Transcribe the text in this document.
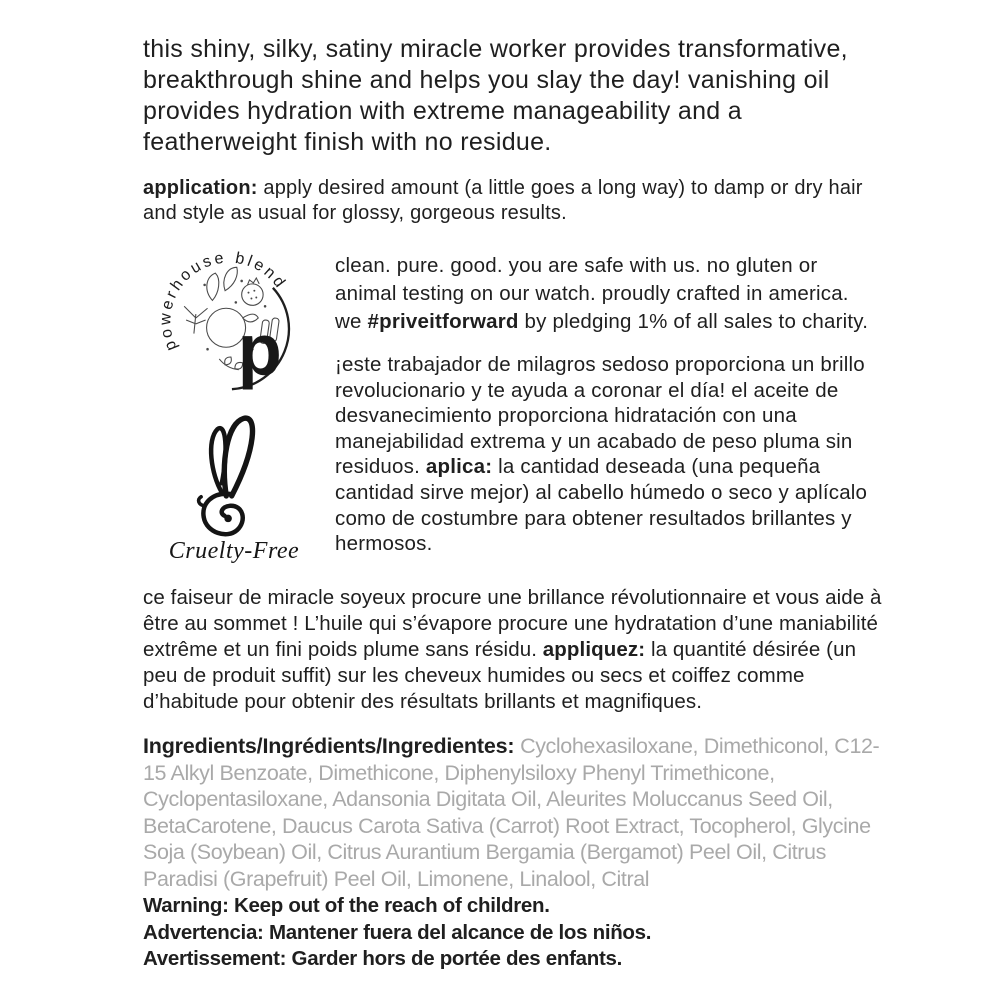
this shiny, silky, satiny miracle worker provides transformative, breakthrough shine and helps you slay the day! vanishing oil provides hydration with extreme manageability and a featherweight finish with no residue.

application: apply desired amount (a little goes a long way) to damp or dry hair and style as usual for glossy, gorgeous results.

powerhouse blend
p
Cruelty-Free

clean. pure. good. you are safe with us. no gluten or animal testing on our watch. proudly crafted in america. we #priveitforward by pledging 1% of all sales to charity.

¡este trabajador de milagros sedoso proporciona un brillo revolucionario y te ayuda a coronar el día! el aceite de desvanecimiento proporciona hidratación con una manejabilidad extrema y un acabado de peso pluma sin residuos. aplica: la cantidad deseada (una pequeña cantidad sirve mejor) al cabello húmedo o seco y aplícalo como de costumbre para obtener resultados brillantes y hermosos.

ce faiseur de miracle soyeux procure une brillance révolutionnaire et vous aide à être au sommet ! L’huile qui s’évapore procure une hydratation d’une maniabilité extrême et un fini poids plume sans résidu. appliquez: la quantité désirée (un peu de produit suffit) sur les cheveux humides ou secs et coiffez comme d’habitude pour obtenir des résultats brillants et magnifiques.

Ingredients/Ingrédients/Ingredientes: Cyclohexasiloxane, Dimethiconol, C12-15 Alkyl Benzoate, Dimethicone, Diphenylsiloxy Phenyl Trimethicone, Cyclopentasiloxane, Adansonia Digitata Oil, Aleurites Moluccanus Seed Oil, BetaCarotene, Daucus Carota Sativa (Carrot) Root Extract, Tocopherol, Glycine Soja (Soybean) Oil, Citrus Aurantium Bergamia (Bergamot) Peel Oil, Citrus Paradisi (Grapefruit) Peel Oil, Limonene, Linalool, Citral

Warning: Keep out of the reach of children.

Advertencia: Mantener fuera del alcance de los niños.

Avertissement: Garder hors de portée des enfants.
